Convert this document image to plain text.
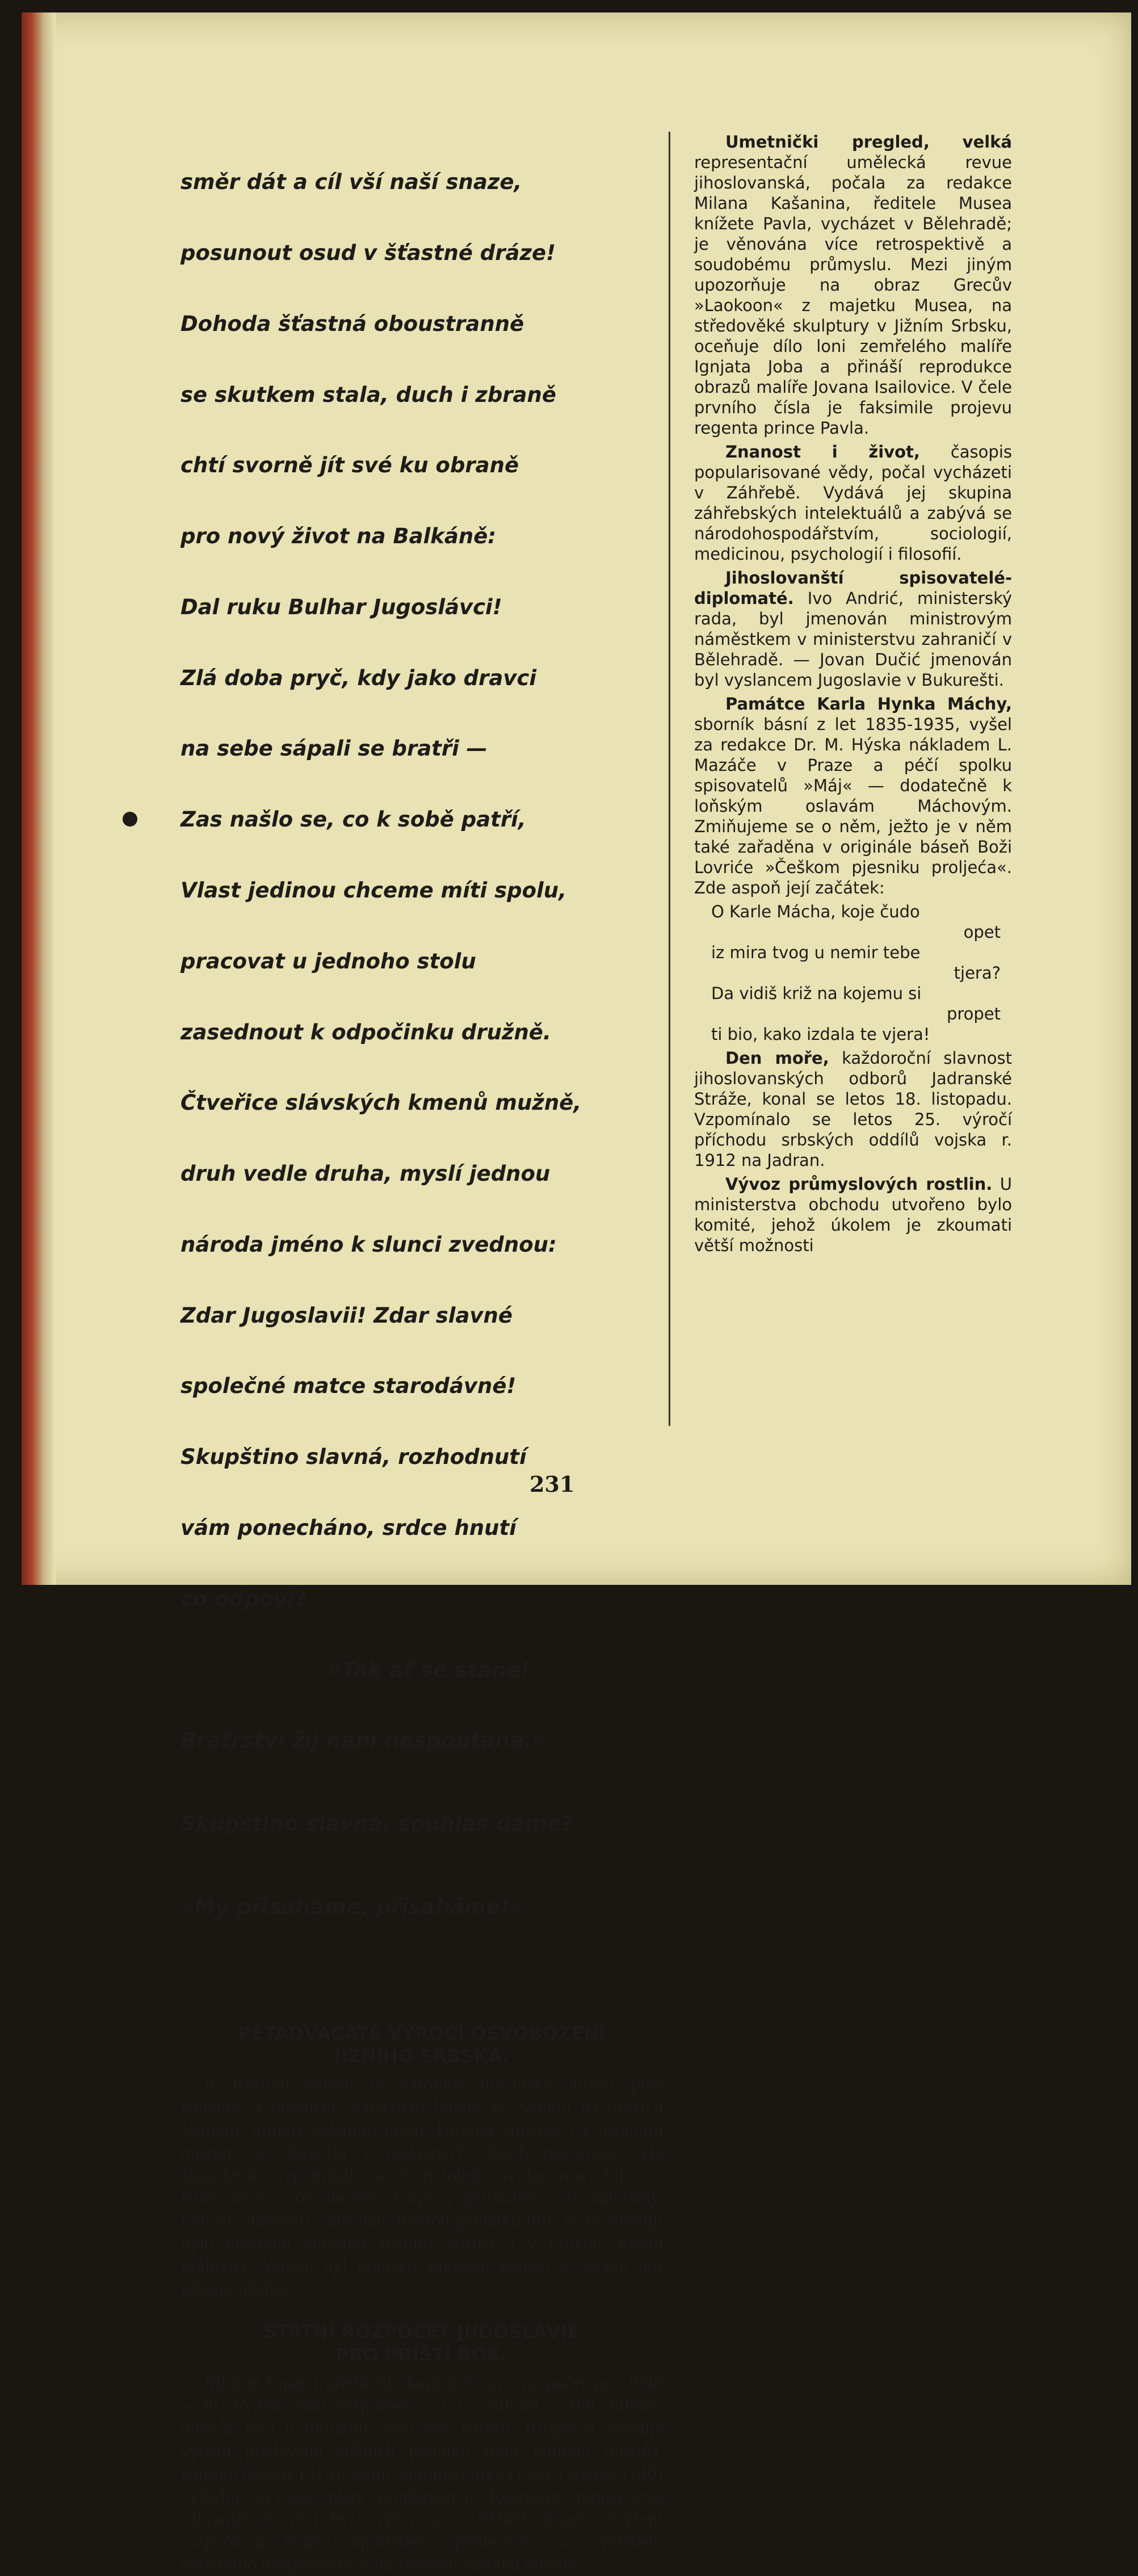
směr dát a cíl vší naší snaze,

posunout osud v šťastné dráze!

Dohoda šťastná oboustranně

se skutkem stala, duch i zbraně

chtí svorně jít své ku obraně

pro nový život na Balkáně:

Dal ruku Bulhar Jugoslávci!

Zlá doba pryč, kdy jako dravci

na sebe sápali se bratři —

Zas našlo se, co k sobě patří,

Vlast jedinou chceme míti spolu,

pracovat u jednoho stolu

zasednout k odpočinku družně.

Čtveřice slávských kmenů mužně,

druh vedle druha, myslí jednou

národa jméno k slunci zvednou:

Zdar Jugoslavii! Zdar slavné

společné matce starodávné!

Skupštino slavná, rozhodnutí

vám ponecháno, srdce hnutí

co odpoví?

»Tak ať se stane!

Bratrství žij nám nespoutané.«

Skupštino slavná, souhlas dáme?

»My přisaháme, přisaháme!«

PĚTADVACÁTÉ VÝROČÍ OSVOBOZENÍ
JIŽNÍHO SRBSKA.
K Jižnímu Srbsku, té starobylé slovanské oblasti, plné památek a obydlené statečným lidem, ke Skoplji na březích Vardaru, druhdy sídelním městu Dnšana Silného, i k ostatním místům se obracela v nedávných dnech pozornost celé Jugoslavie: vzpomínalo se čtvrtstoletí osvobozovací bitvy u Kumanova a osvobození kraje z pětistaleté cizí nadvlády. Letošní slavnosti zanechaly trvalou památku tím, že ve Skoplji bylo otevřeno museum Jižního Srbska a v Prilepu, městu královice Marka, byl položen základní kámen k ústavu pro pěstění tabáku.
STATNÍ ROZPOČET JUGOSLAVIE
PRO PŘÍŠTÍ ROK.
Ministr financí předložil skupštině nový rozpočet pro 1938—39. Vydání jsou rozpočtena na 12 miliard a 180 milionů dinarů; jsou o miliardu větší než letošní. Rozpočet zvyšuje vydání především státních podniků (606 milionů dinarů), národní obrany (313), státní administrativy (130) a zbytek (140) vyžadují zvýšené platy zaměstnanců. Rozpočet ministerstva zahraničních věcí byl zvýšen o 7,239.683 dinarů. Zvýšení rozpočtová budou upotřebena především na zvelebení národního hospodářství a na zlepšení národní obrany.

Umetnički pregled, velká representační umělecká revue jihoslovanská, počala za redakce Milana Kašanina, ředitele Musea knížete Pavla, vycházet v Bělehradě; je věnována více retrospektivě a soudobému průmyslu. Mezi jiným upozorňuje na obraz Grecův »Laokoon« z majetku Musea, na středověké skulptury v Jižním Srbsku, oceňuje dílo loni zemřelého malíře Ignjata Joba a přináší reprodukce obrazů malíře Jovana Isailovice. V čele prvního čísla je faksimile projevu regenta prince Pavla.

Znanost i život, časopis popularisované vědy, počal vycházeti v Záhřebě. Vydává jej skupina záhřebských intelektuálů a zabývá se národohospodářstvím, sociologií, medicinou, psychologií i filosofií.

Jihoslovanští spisovatelé-diplomaté. Ivo Andrić, ministerský rada, byl jmenován ministrovým náměstkem v ministerstvu zahraničí v Bělehradě. — Jovan Dučić jmenován byl vyslancem Jugoslavie v Bukurešti.

Památce Karla Hynka Máchy, sborník básní z let 1835-1935, vyšel za redakce Dr. M. Hýska nákladem L. Mazáče v Praze a péčí spolku spisovatelů »Máj« — dodatečně k loňským oslavám Máchovým. Zmiňujeme se o něm, ježto je v něm také zařaděna v originále báseň Boži Lovriće »Češkom pjesniku proljeća«. Zde aspoň její začátek:

O Karle Mácha, koje čudo
opet
iz mira tvog u nemir tebe
tjera?
Da vidiš križ na kojemu si
propet
ti bio, kako izdala te vjera!

Den moře, každoroční slavnost jihoslovanských odborů Jadranské Stráže, konal se letos 18. listopadu. Vzpomínalo se letos 25. výročí příchodu srbských oddílů vojska r. 1912 na Jadran.

Vývoz průmyslových rostlin. U ministerstva obchodu utvořeno bylo komité, jehož úkolem je zkoumati větší možnosti

231
